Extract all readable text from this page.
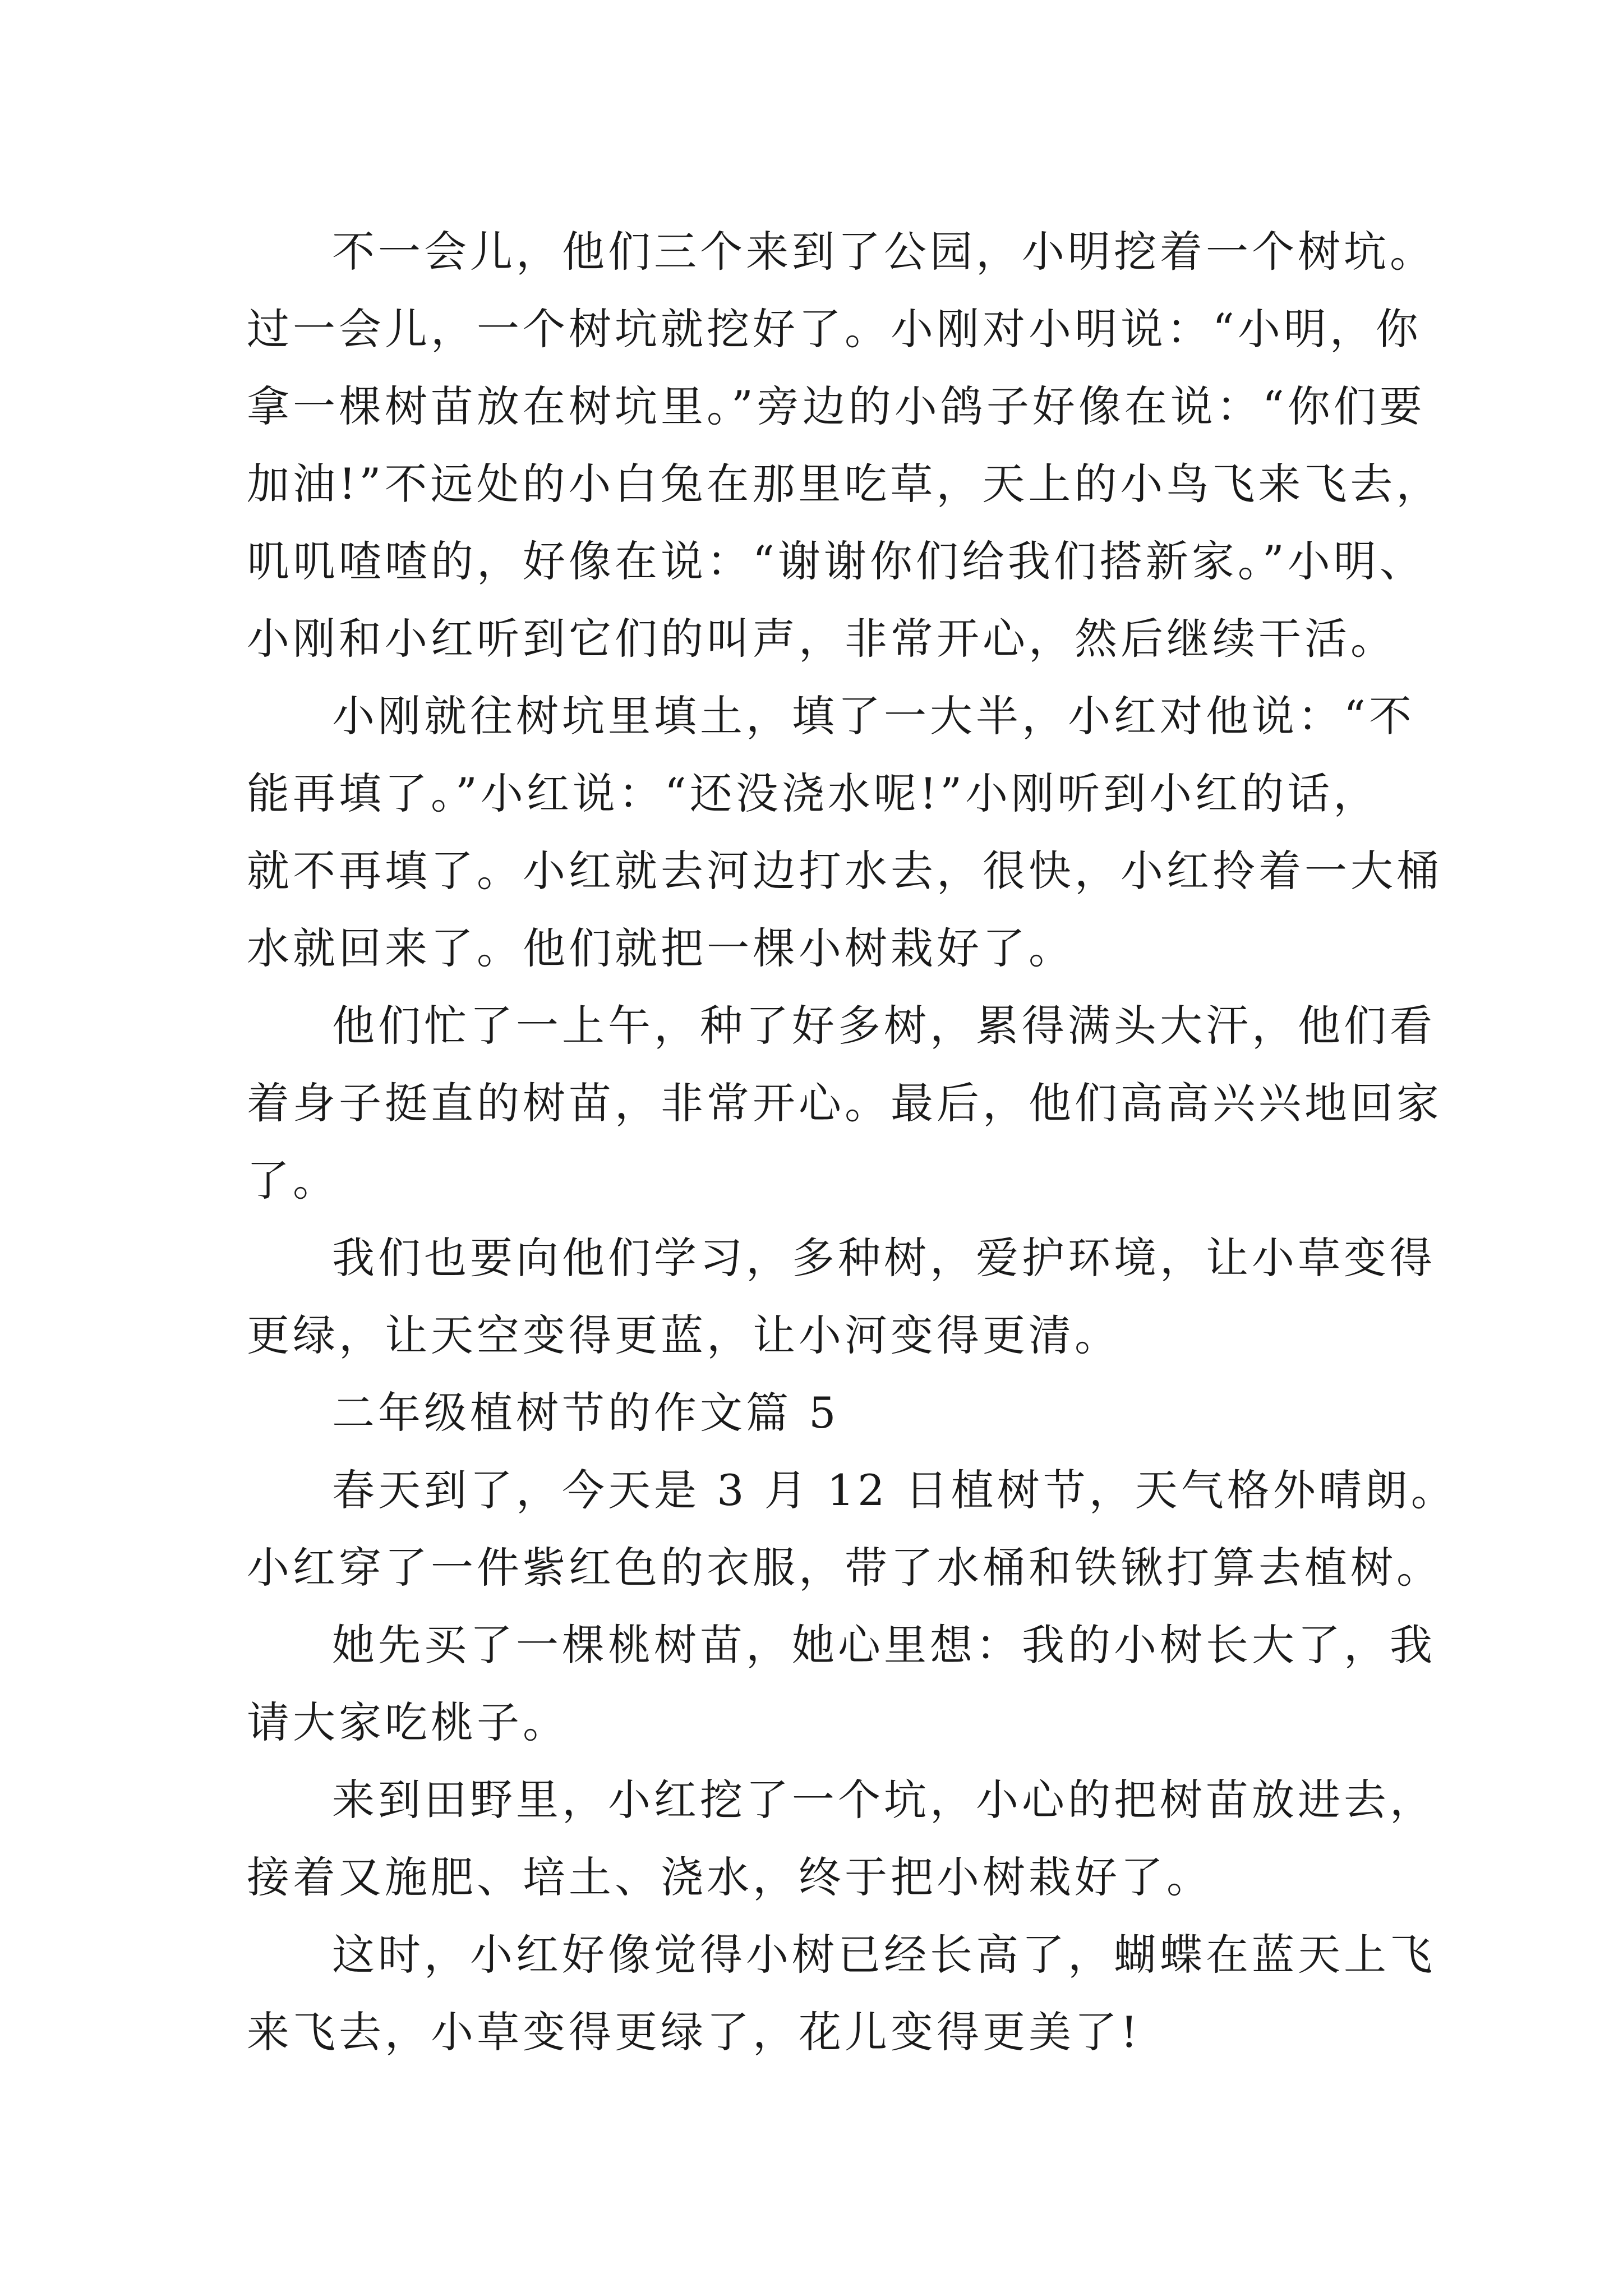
不一会儿，他们三个来到了公园，小明挖着一个树坑。
过一会儿，一个树坑就挖好了。小刚对小明说：“小明，你
拿一棵树苗放在树坑里。”旁边的小鸽子好像在说：“你们要
加油!”不远处的小白兔在那里吃草，天上的小鸟飞来飞去，
叽叽喳喳的，好像在说：“谢谢你们给我们搭新家。”小明、
小刚和小红听到它们的叫声，非常开心，然后继续干活。
小刚就往树坑里填土，填了一大半，小红对他说：“不
能再填了。”小红说：“还没浇水呢!”小刚听到小红的话，
就不再填了。小红就去河边打水去，很快，小红拎着一大桶
水就回来了。他们就把一棵小树栽好了。
他们忙了一上午，种了好多树，累得满头大汗，他们看
着身子挺直的树苗，非常开心。最后，他们高高兴兴地回家
了。
我们也要向他们学习，多种树，爱护环境，让小草变得
更绿，让天空变得更蓝，让小河变得更清。
二年级植树节的作文篇 5
春天到了，今天是 3 月 12 日植树节，天气格外晴朗。
小红穿了一件紫红色的衣服，带了水桶和铁锹打算去植树。
她先买了一棵桃树苗，她心里想：我的小树长大了，我
请大家吃桃子。
来到田野里，小红挖了一个坑，小心的把树苗放进去，
接着又施肥、培土、浇水，终于把小树栽好了。
这时，小红好像觉得小树已经长高了，蝴蝶在蓝天上飞
来飞去，小草变得更绿了，花儿变得更美了!
